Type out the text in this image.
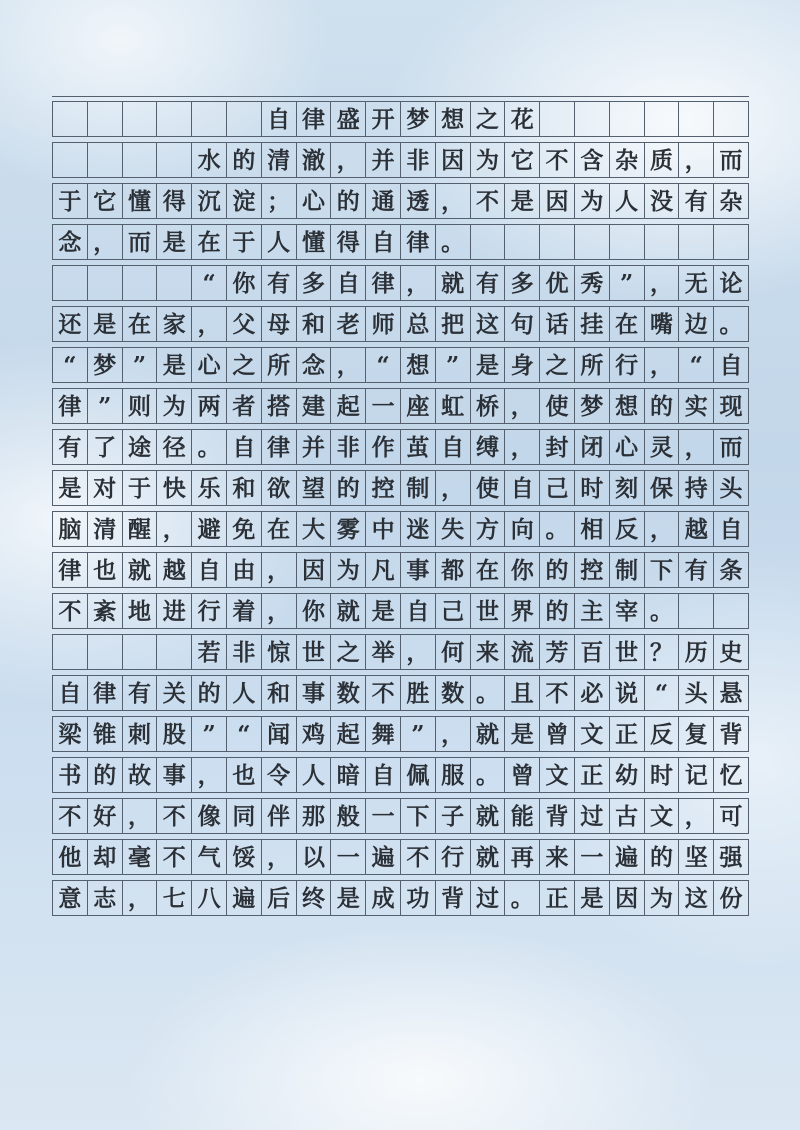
自 律 盛 开 梦 想 之 花
水 的 清 澈 ， 并 非 因 为 它 不 含 杂 质 ， 而
于 它 懂 得 沉 淀 ； 心 的 通 透 ， 不 是 因 为 人 没 有 杂
念 ， 而 是 在 于 人 懂 得 自 律 。
“ 你 有 多 自 律 ， 就 有 多 优 秀 ” ， 无 论
还 是 在 家 ， 父 母 和 老 师 总 把 这 句 话 挂 在 嘴 边 。
“ 梦 ” 是 心 之 所 念 ， “ 想 ” 是 身 之 所 行 ， “ 自
律 ” 则 为 两 者 搭 建 起 一 座 虹 桥 ， 使 梦 想 的 实 现
有 了 途 径 。 自 律 并 非 作 茧 自 缚 ， 封 闭 心 灵 ， 而
是 对 于 快 乐 和 欲 望 的 控 制 ， 使 自 己 时 刻 保 持 头
脑 清 醒 ， 避 免 在 大 雾 中 迷 失 方 向 。 相 反 ， 越 自
律 也 就 越 自 由 ， 因 为 凡 事 都 在 你 的 控 制 下 有 条
不 紊 地 进 行 着 ， 你 就 是 自 己 世 界 的 主 宰 。
若 非 惊 世 之 举 ， 何 来 流 芳 百 世 ？ 历 史
自 律 有 关 的 人 和 事 数 不 胜 数 。 且 不 必 说 “ 头 悬
梁 锥 刺 股 ” “ 闻 鸡 起 舞 ” ， 就 是 曾 文 正 反 复 背
书 的 故 事 ， 也 令 人 暗 自 佩 服 。 曾 文 正 幼 时 记 忆
不 好 ， 不 像 同 伴 那 般 一 下 子 就 能 背 过 古 文 ， 可
他 却 毫 不 气 馁 ， 以 一 遍 不 行 就 再 来 一 遍 的 坚 强
意 志 ， 七 八 遍 后 终 是 成 功 背 过 。 正 是 因 为 这 份
